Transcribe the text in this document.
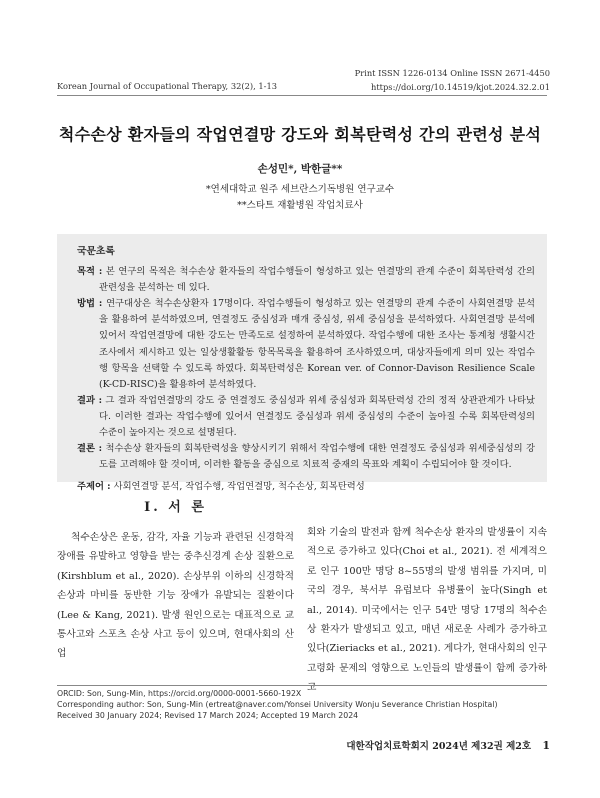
Korean Journal of Occupational Therapy, 32(2), 1-13
Print ISSN 1226-0134 Online ISSN 2671-4450
https://doi.org/10.14519/kjot.2024.32.2.01
척수손상 환자들의 작업연결망 강도와 회복탄력성 간의 관련성 분석
손성민*, 박한글**
*연세대학교 원주 세브란스기독병원 연구교수
**스타트 재활병원 작업치료사
국문초록

목적 : 본 연구의 목적은 척수손상 환자들의 작업수행들이 형성하고 있는 연결망의 관계 수준이 회복탄력성 간의 관련성을 분석하는 데 있다.

방법 : 연구대상은 척수손상환자 17명이다. 작업수행들이 형성하고 있는 연결망의 관계 수준이 사회연결망 분석을 활용하여 분석하였으며, 연결정도 중심성과 매개 중심성, 위세 중심성을 분석하였다. 사회연결망 분석에 있어서 작업연결망에 대한 강도는 만족도로 설정하여 분석하였다. 작업수행에 대한 조사는 통계청 생활시간조사에서 제시하고 있는 일상생활활동 항목목록을 활용하여 조사하였으며, 대상자들에게 의미 있는 작업수행 항목을 선택할 수 있도록 하였다. 회복탄력성은 Korean ver. of Connor-Davison Resilience Scale (K-CD-RISC)을 활용하여 분석하였다.

결과 : 그 결과 작업연결망의 강도 중 연결정도 중심성과 위세 중심성과 회복탄력성 간의 정적 상관관계가 나타났다. 이러한 결과는 작업수행에 있어서 연결정도 중심성과 위세 중심성의 수준이 높아질 수록 회복탄력성의 수준이 높아지는 것으로 설명된다.

결론 : 척수손상 환자들의 회복탄력성을 향상시키기 위해서 작업수행에 대한 연결정도 중심성과 위세중심성의 강도를 고려해야 할 것이며, 이러한 활동을 중심으로 치료적 중재의 목표와 계획이 수립되어야 할 것이다.

주제어 : 사회연결망 분석, 작업수행, 작업연결망, 척수손상, 회복탄력성

Ⅰ. 서 론
척수손상은 운동, 감각, 자율 기능과 관련된 신경학적 장애를 유발하고 영향을 받는 중추신경계 손상 질환으로(Kirshblum et al., 2020). 손상부위 이하의 신경학적 손상과 마비를 동반한 기능 장애가 유발되는 질환이다(Lee & Kang, 2021). 발생 원인으로는 대표적으로 교통사고와 스포츠 손상 사고 등이 있으며, 현대사회의 산업
회와 기술의 발전과 함께 척수손상 환자의 발생률이 지속적으로 증가하고 있다(Choi et al., 2021). 전 세계적으로 인구 100만 명당 8~55명의 발생 범위를 가지며, 미국의 경우, 북서부 유럽보다 유병률이 높다(Singh et al., 2014). 미국에서는 인구 54만 명당 17명의 척수손상 환자가 발생되고 있고, 매년 새로운 사례가 증가하고 있다(Zieriacks et al., 2021). 게다가, 현대사회의 인구고령화 문제의 영향으로 노인들의 발생률이 함께 증가하고
ORCID: Son, Sung-Min, https://orcid.org/0000-0001-5660-192X
Corresponding author: Son, Sung-Min (ertreat@naver.com/Yonsei University Wonju Severance Christian Hospital)
Received 30 January 2024; Revised 17 March 2024; Accepted 19 March 2024
대한작업치료학회지 2024년 제32권 제2호 1
